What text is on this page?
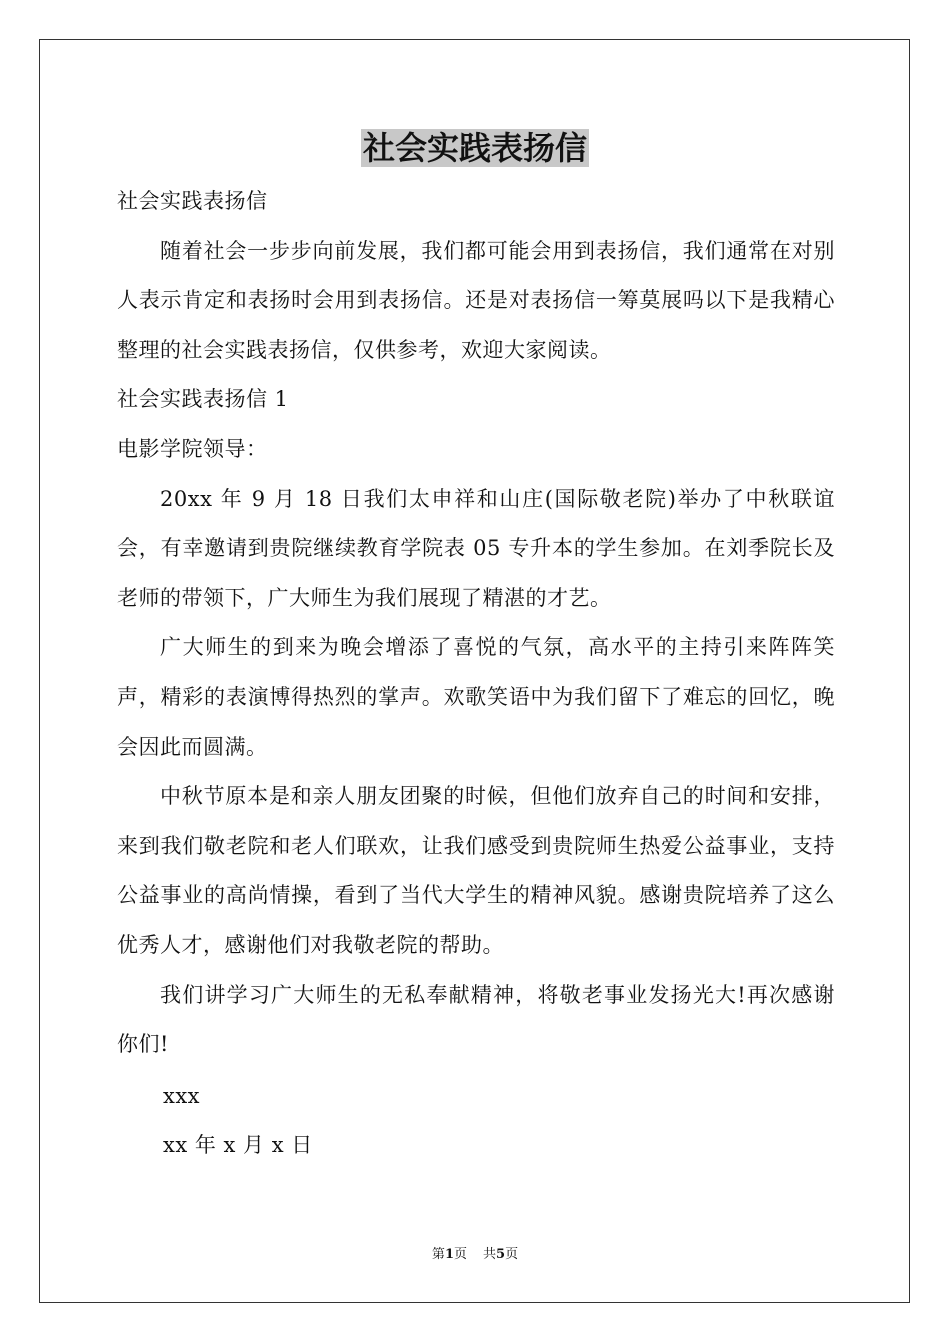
社会实践表扬信

社会实践表扬信

随着社会一步步向前发展，我们都可能会用到表扬信，我们通常在对别人表示肯定和表扬时会用到表扬信。还是对表扬信一筹莫展吗以下是我精心整理的社会实践表扬信，仅供参考，欢迎大家阅读。

社会实践表扬信 1

电影学院领导：

20xx 年 9 月 18 日我们太申祥和山庄(国际敬老院)举办了中秋联谊会，有幸邀请到贵院继续教育学院表 05 专升本的学生参加。在刘季院长及老师的带领下，广大师生为我们展现了精湛的才艺。

广大师生的到来为晚会增添了喜悦的气氛，高水平的主持引来阵阵笑声，精彩的表演博得热烈的掌声。欢歌笑语中为我们留下了难忘的回忆，晚会因此而圆满。

中秋节原本是和亲人朋友团聚的时候，但他们放弃自己的时间和安排，来到我们敬老院和老人们联欢，让我们感受到贵院师生热爱公益事业，支持公益事业的高尚情操，看到了当代大学生的精神风貌。感谢贵院培养了这么优秀人才，感谢他们对我敬老院的帮助。

我们讲学习广大师生的无私奉献精神，将敬老事业发扬光大!再次感谢你们!

xxx

xx 年 x 月 x 日

第1页 共5页
